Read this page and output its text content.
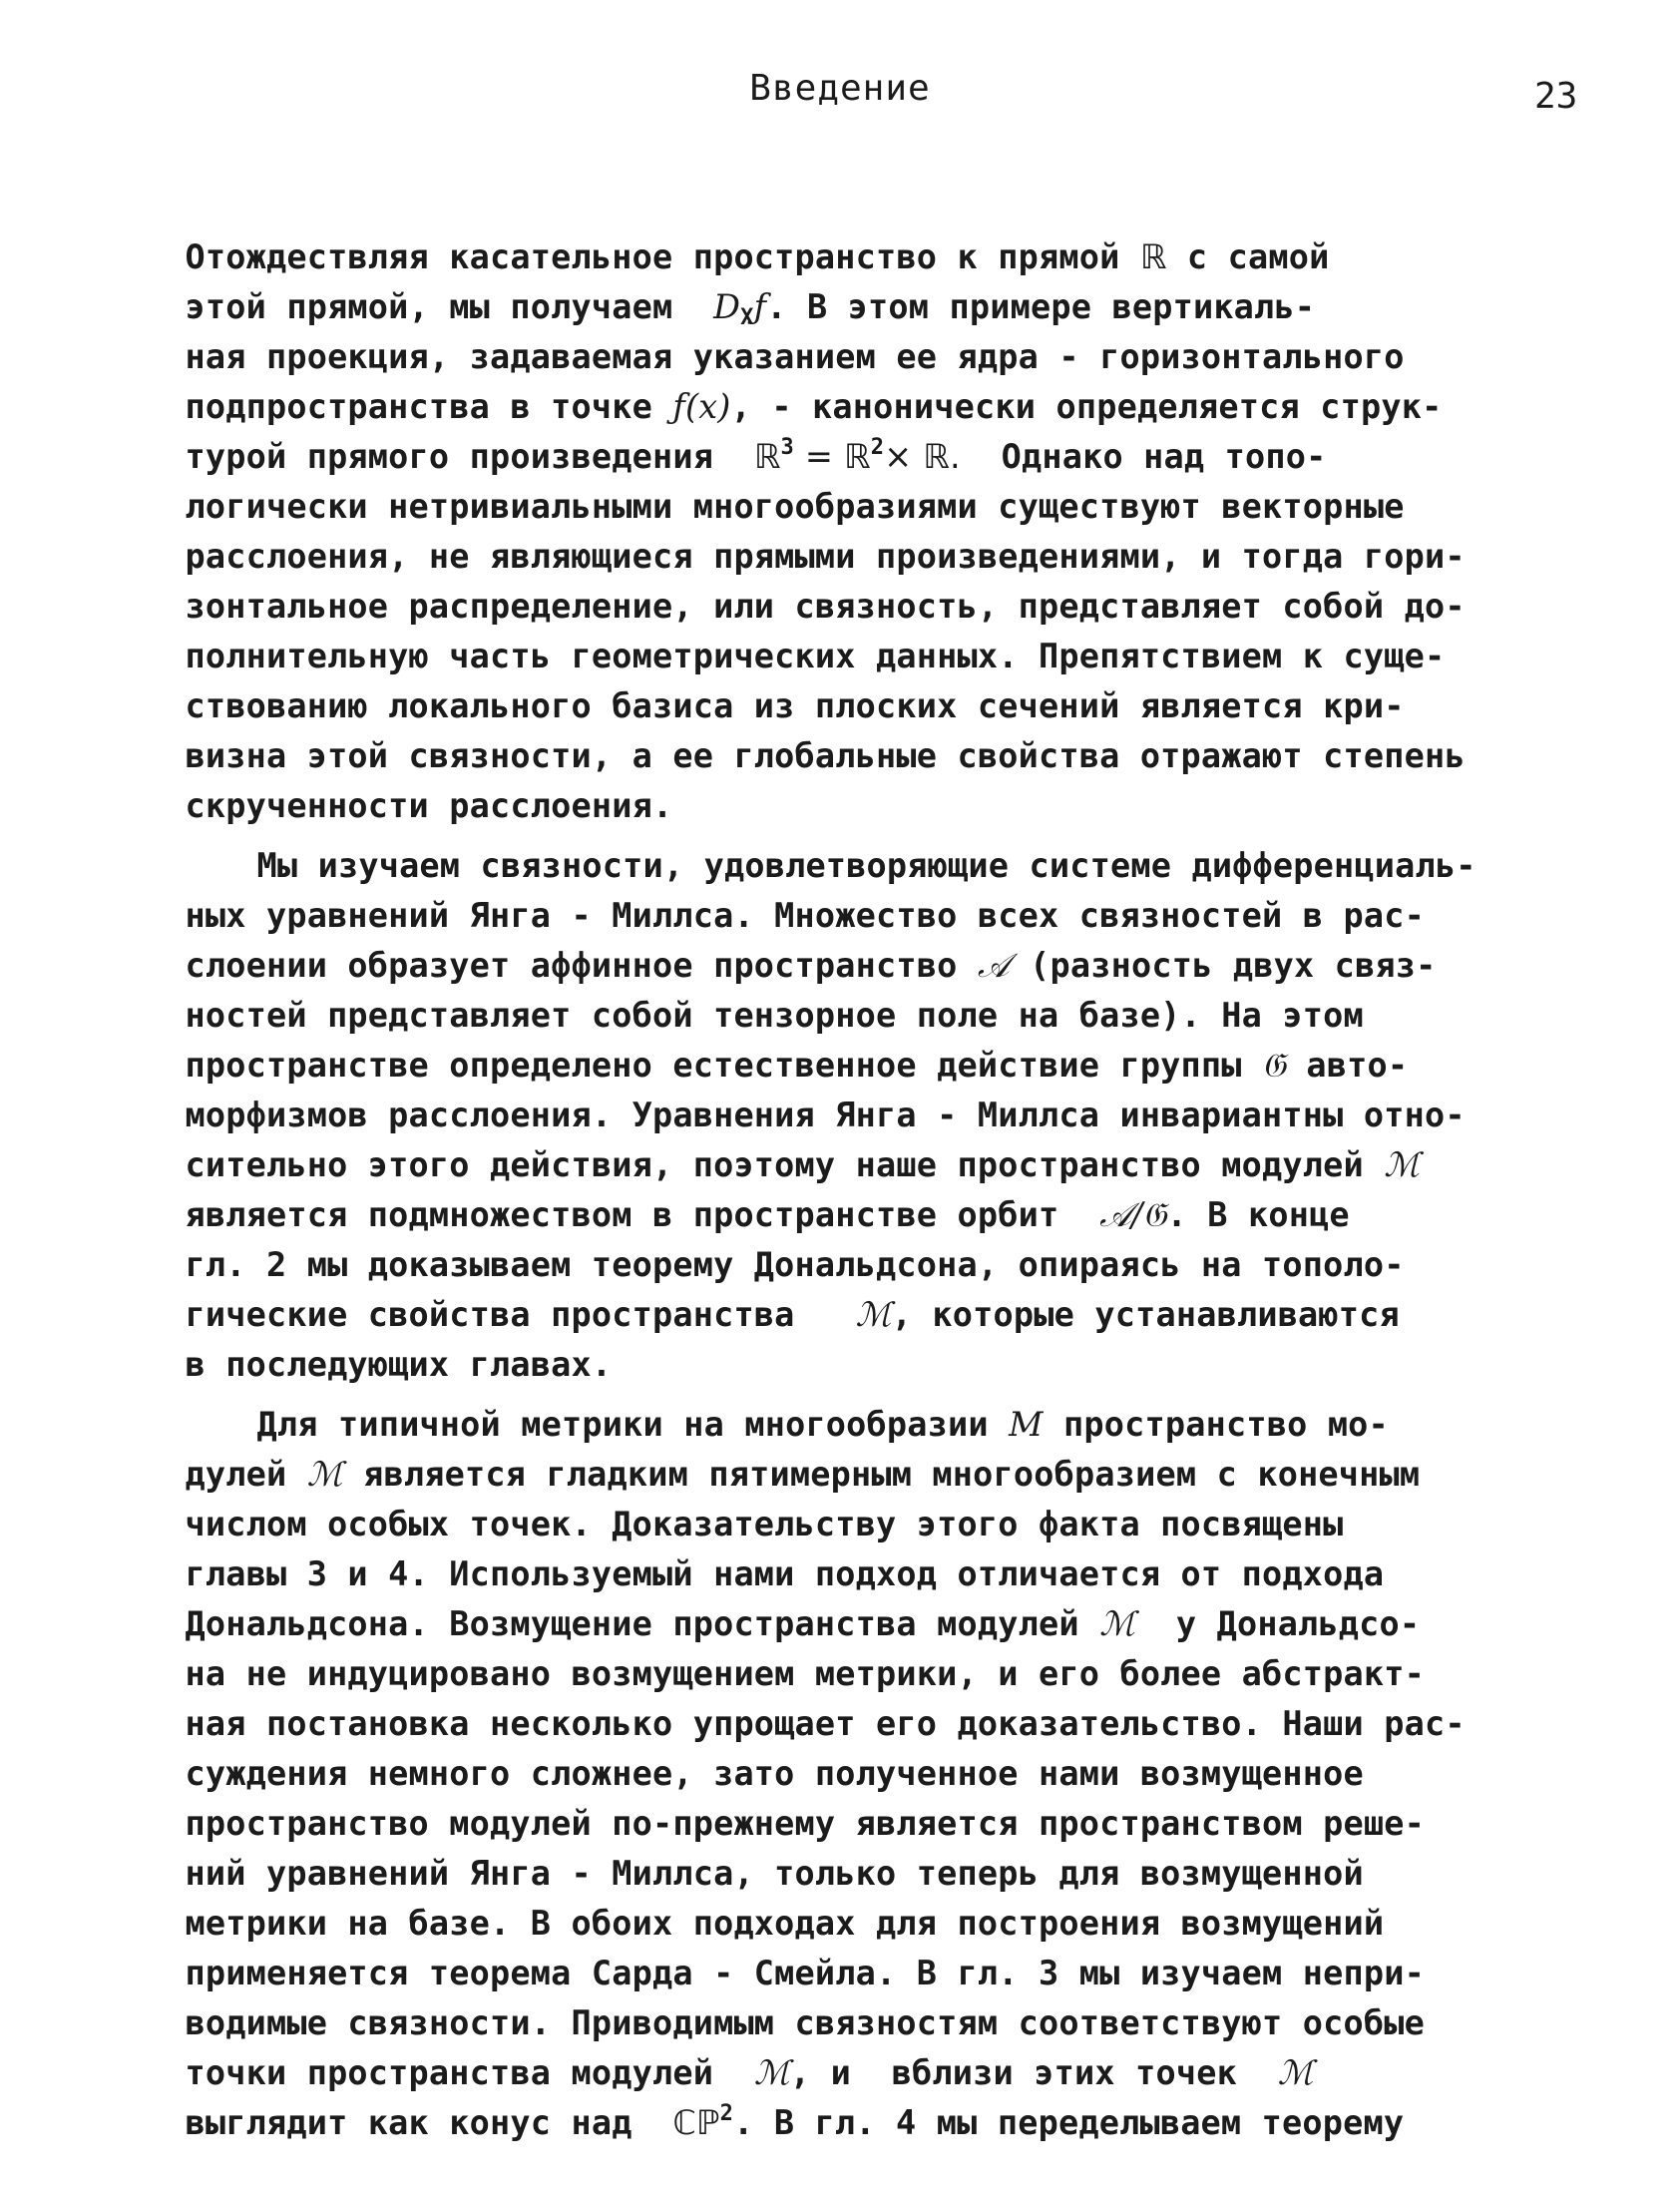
Введение	23

Отождествляя касательное пространство к прямой ℝ с самой

этой прямой, мы получаем  $D_Xƒ$. В этом примере вертикаль-

ная проекция, задаваемая указанием ее ядра - горизонтального

подпространства в точке ƒ(x), - канонически определяется струк-

турой прямого произведения  ℝ$^3$ = ℝ$^2$× ℝ.  Однако над топо-

логически нетривиальными многообразиями существуют векторные

расслоения, не являющиеся прямыми произведениями, и тогда гори-

зонтальное распределение, или связность, представляет собой до-

полнительную часть геометрических данных. Препятствием к суще-

ствованию локального базиса из плоских сечений является кри-

визна этой связности, а ее глобальные свойства отражают степень

скрученности расслоения.

Мы изучаем связности, удовлетворяющие системе дифференциаль-

ных уравнений Янга - Миллса. Множество всех связностей в рас-

слоении образует аффинное пространство 𝒜 (разность двух связ-

ностей представляет собой тензорное поле на базе). На этом

пространстве определено естественное действие группы 𝔊 авто-

морфизмов расслоения. Уравнения Янга - Миллса инвариантны отно-

сительно этого действия, поэтому наше пространство модулей ℳ

является подмножеством в пространстве орбит  𝒜/𝔊. В конце

гл. 2 мы доказываем теорему Дональдсона, опираясь на тополо-

гические свойства пространства   ℳ, которые устанавливаются

в последующих главах.

Для типичной метрики на многообразии M пространство мо-

дулей ℳ является гладким пятимерным многообразием с конечным

числом особых точек. Доказательству этого факта посвящены

главы 3 и 4. Используемый нами подход отличается от подхода

Дональдсона. Возмущение пространства модулей ℳ  у Дональдсо-

на не индуцировано возмущением метрики, и его более абстракт-

ная постановка несколько упрощает его доказательство. Наши рас-

суждения немного сложнее, зато полученное нами возмущенное

пространство модулей по-прежнему является пространством реше-

ний уравнений Янга - Миллса, только теперь для возмущенной

метрики на базе. В обоих подходах для построения возмущений

применяется теорема Сарда - Смейла. В гл. 3 мы изучаем непри-

водимые связности. Приводимым связностям соответствуют особые

точки пространства модулей  ℳ, и  вблизи этих точек  ℳ

выглядит как конус над  ℂℙ$^2$. В гл. 4 мы переделываем теорему
